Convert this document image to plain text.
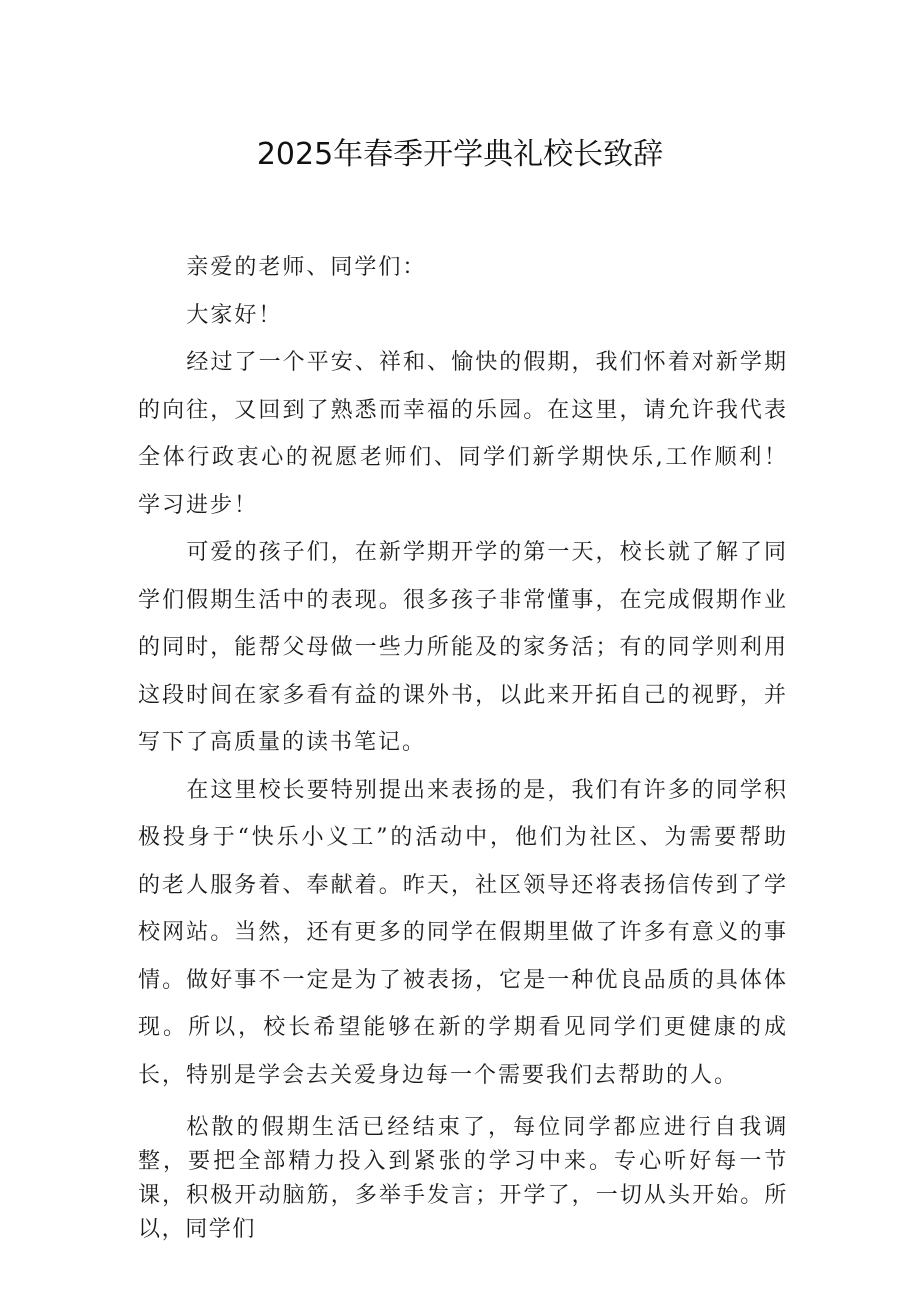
2025年春季开学典礼校长致辞

亲爱的老师、同学们：

大家好！

经过了一个平安、祥和、愉快的假期，我们怀着对新学期的向往，又回到了熟悉而幸福的乐园。在这里，请允许我代表全体行政衷心的祝愿老师们、同学们新学期快乐,工作顺利！学习进步！

可爱的孩子们，在新学期开学的第一天，校长就了解了同学们假期生活中的表现。很多孩子非常懂事，在完成假期作业的同时，能帮父母做一些力所能及的家务活；有的同学则利用这段时间在家多看有益的课外书，以此来开拓自己的视野，并写下了高质量的读书笔记。

在这里校长要特别提出来表扬的是，我们有许多的同学积极投身于“快乐小义工”的活动中，他们为社区、为需要帮助的老人服务着、奉献着。昨天，社区领导还将表扬信传到了学校网站。当然，还有更多的同学在假期里做了许多有意义的事情。做好事不一定是为了被表扬，它是一种优良品质的具体体现。所以，校长希望能够在新的学期看见同学们更健康的成长，特别是学会去关爱身边每一个需要我们去帮助的人。

松散的假期生活已经结束了，每位同学都应进行自我调整，要把全部精力投入到紧张的学习中来。专心听好每一节课，积极开动脑筋，多举手发言；开学了，一切从头开始。所以，同学们
